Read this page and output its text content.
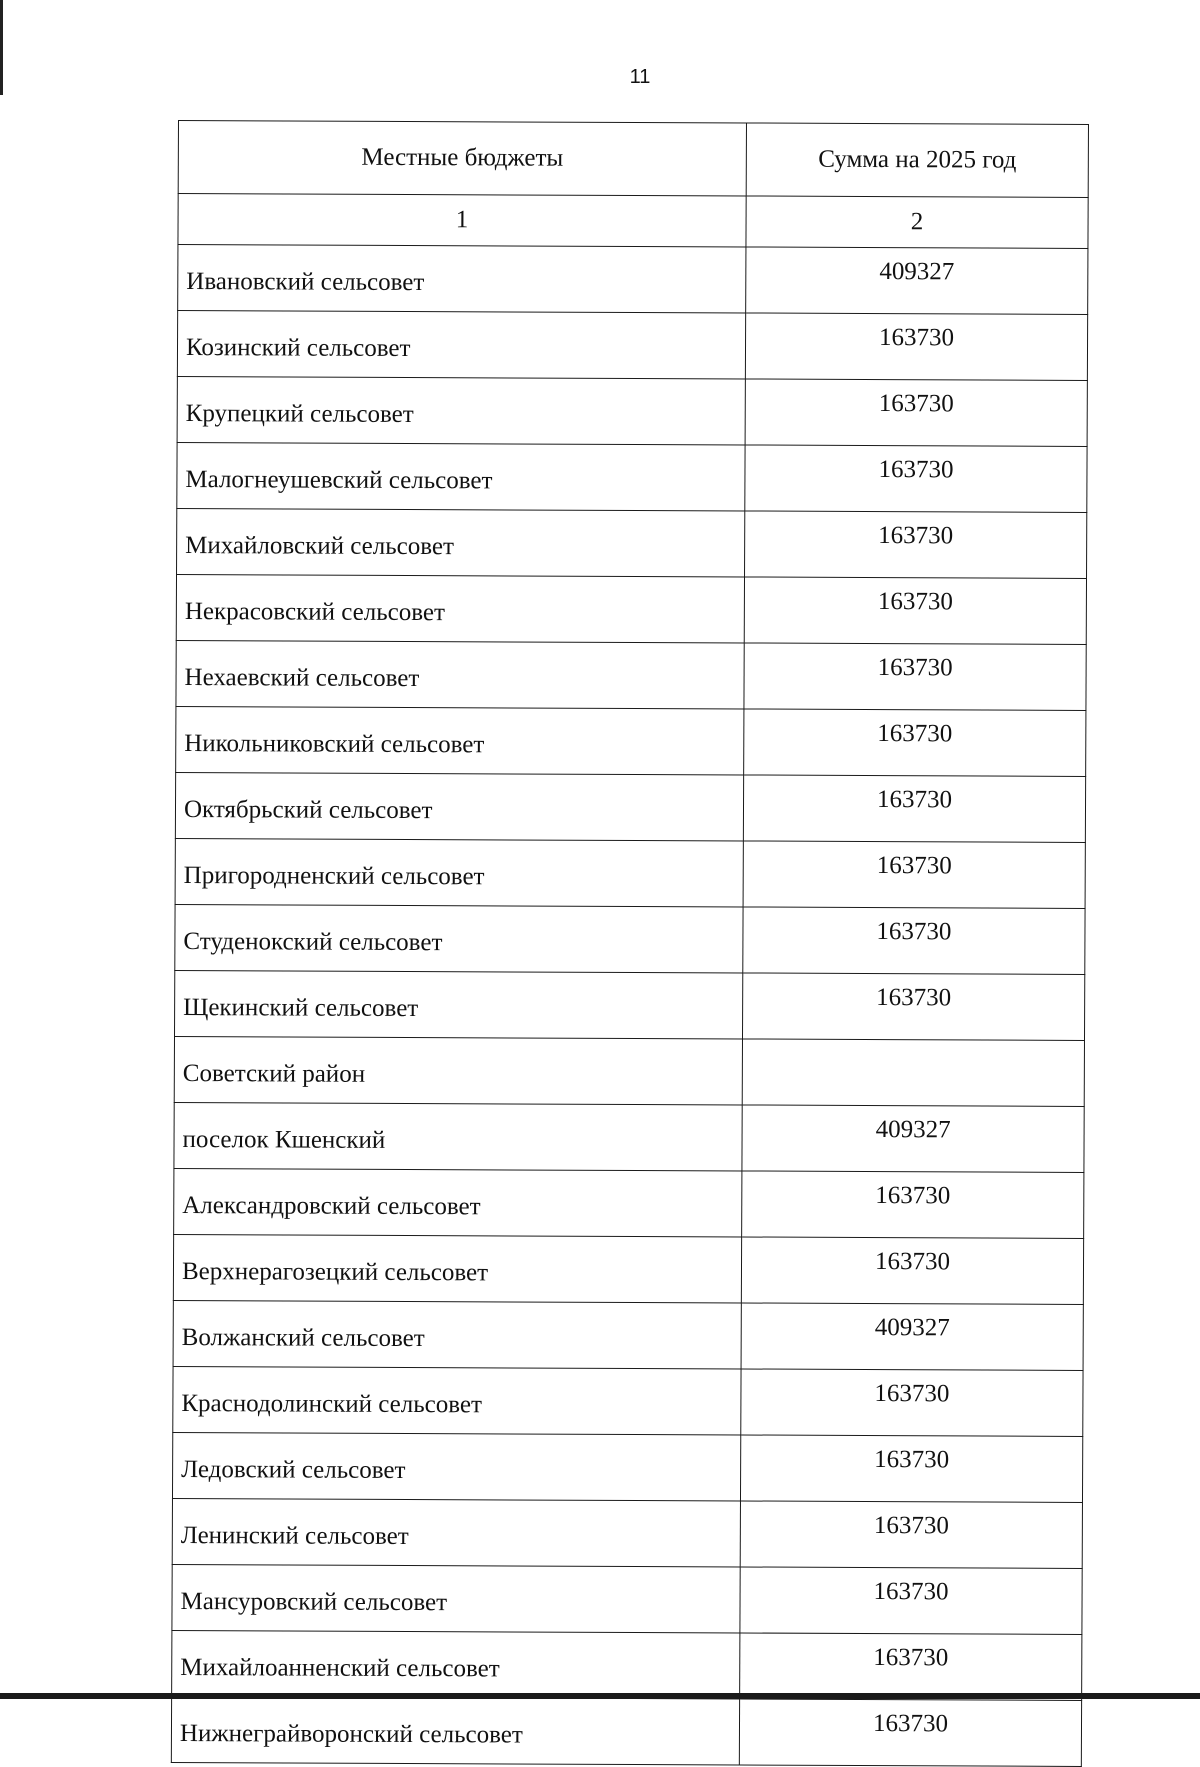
11
Местные бюджеты	Сумма на 2025 год
1	2
Ивановский сельсовет	409327
Козинский сельсовет	163730
Крупецкий сельсовет	163730
Малогнеушевский сельсовет	163730
Михайловский сельсовет	163730
Некрасовский сельсовет	163730
Нехаевский сельсовет	163730
Никольниковский сельсовет	163730
Октябрьский сельсовет	163730
Пригородненский сельсовет	163730
Студенокский сельсовет	163730
Щекинский сельсовет	163730
Советский район	
поселок Кшенский	409327
Александровский сельсовет	163730
Верхнерагозецкий сельсовет	163730
Волжанский сельсовет	409327
Краснодолинский сельсовет	163730
Ледовский сельсовет	163730
Ленинский сельсовет	163730
Мансуровский сельсовет	163730
Михайлоанненский сельсовет	163730
Нижнеграйворонский сельсовет	163730
